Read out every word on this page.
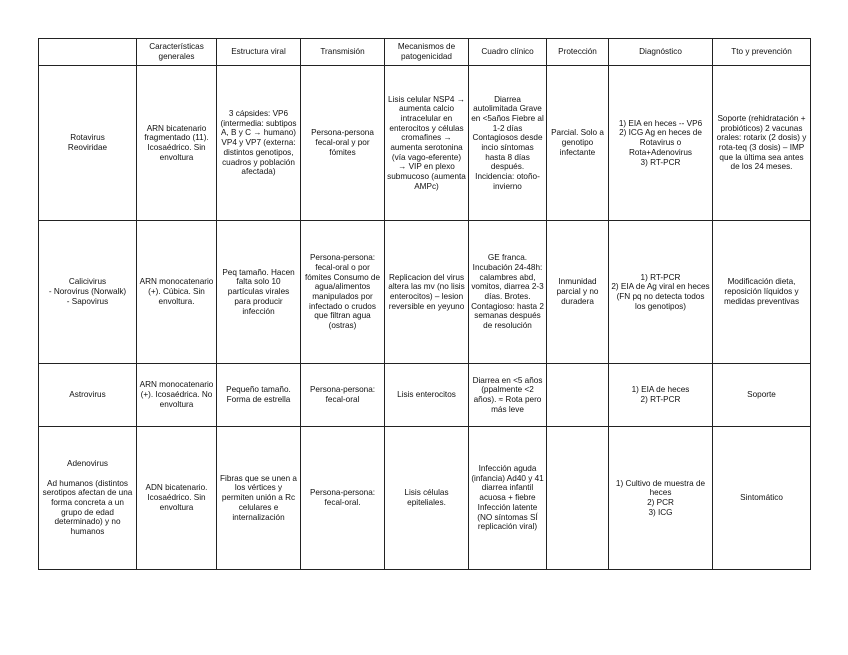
	Características generales	Estructura viral	Transmisión	Mecanismos de patogenicidad	Cuadro clínico	Protección	Diagnóstico	Tto y prevención
Rotavirus
Reoviridae	ARN bicatenario fragmentado (11). Icosaédrico. Sin envoltura	3 cápsides: VP6 (intermedia: subtipos A, B y C → humano) VP4 y VP7 (externa: distintos genotipos, cuadros y población afectada)	Persona-persona fecal-oral y por fómites	Lisis celular NSP4 → aumenta calcio intracelular en enterocitos y células cromafines → aumenta serotonina (vía vago-eferente) → VIP en plexo submucoso (aumenta AMPc)	Diarrea autolimitada Grave en <5años Fiebre al 1-2 días Contagiosos desde incio síntomas hasta 8 días después. Incidencia: otoño-invierno	Parcial. Solo a genotipo infectante	1) EIA en heces -- VP6
2) ICG Ag en heces de Rotavirus o Rota+Adenovirus
3) RT-PCR	Soporte (rehidratación + probióticos) 2 vacunas orales: rotarix (2 dosis) y rota-teq (3 dosis) – IMP que la última sea antes de los 24 meses.
Calicivirus
- Norovirus (Norwalk)
- Sapovirus	ARN monocatenario (+). Cúbica. Sin envoltura.	Peq tamaño. Hacen falta solo 10 partículas virales para producir infección	Persona-persona: fecal-oral o por fómites Consumo de agua/alimentos manipulados por infectado o crudos que filtran agua (ostras)	Replicacion del virus altera las mv (no lisis enterocitos) – lesion reversible en yeyuno	GE franca. Incubación 24-48h: calambres abd, vomitos, diarrea 2-3 días. Brotes. Contagioso: hasta 2 semanas después de resolución	Inmunidad parcial y no duradera	1) RT-PCR
2) EIA de Ag viral en heces (FN pq no detecta todos los genotipos)	Modificación dieta, reposición líquidos y medidas preventivas
Astrovirus	ARN monocatenario (+). Icosaédrica. No envoltura	Pequeño tamaño. Forma de estrella	Persona-persona: fecal-oral	Lisis enterocitos	Diarrea en <5 años (ppalmente <2 años). ≈ Rota pero más leve		1) EIA de heces
2) RT-PCR	Soporte
Adenovirus

Ad humanos (distintos serotipos afectan de una forma concreta a un grupo de edad determinado) y no humanos	ADN bicatenario. Icosaédrico. Sin envoltura	Fibras que se unen a los vértices y permiten unión a Rc celulares e internalización	Persona-persona: fecal-oral.	Lisis células epiteliales.	Infección aguda (infancia) Ad40 y 41 diarrea infantil acuosa + fiebre Infección latente (NO síntomas SÍ replicación viral)		1) Cultivo de muestra de heces
2) PCR
3) ICG	Sintomático
